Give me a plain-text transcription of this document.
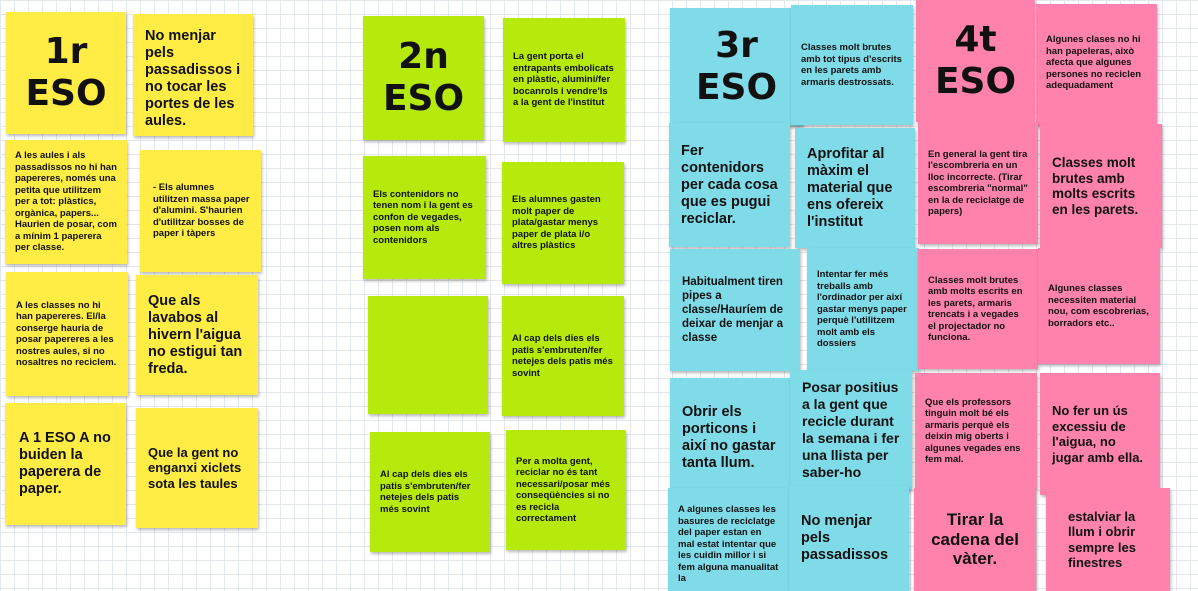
1r
ESO
No menjar pels passadissos i no tocar les portes de les aules.
A les aules i als passadissos no hi han papereres, només una petita que utilitzem per a tot: plàstics, orgànica, papers... Haurien de posar, com a mínim 1 paperera per classe.
- Els alumnes utilitzen massa paper d'alumini. S'haurien d'utilitzar bosses de paper i tàpers
A les classes no hi han papereres. El/la conserge hauria de posar papereres a les nostres aules, si no nosaltres no reciclem.
Que als lavabos al hivern l'aigua no estigui tan freda.
A 1 ESO A no buiden la paperera de paper.
Que la gent no enganxi xiclets sota les taules
2n
ESO
La gent porta el entrapants embolicats en plàstic, alumini/fer bocanrols i vendre'ls a la gent de l'institut
Els contenidors no tenen nom i la gent es confon de vegades, posen nom als contenidors
Els alumnes gasten molt paper de plata/gastar menys paper de plata i/o altres plàstics
Al cap dels dies els patis s'embruten/fer netejes dels patis més sovint
Al cap dels dies els patis s'embruten/fer netejes dels patis més sovint
Per a molta gent, reciclar no és tant necessari/posar més conseqüències si no es recicla correctament
3r
ESO
Classes molt brutes amb tot tipus d'escrits en les parets amb armaris destrossats.
Fer contenidors per cada cosa que es pugui reciclar.
Aprofitar al màxim el material que ens ofereix l'institut
Habitualment tiren pipes a classe/Hauríem de deixar de menjar a classe
Intentar fer més treballs amb l'ordinador per així gastar menys paper perquè l'utilitzem molt amb els dossiers
Obrir els porticons i així no gastar tanta llum.
Posar positius a la gent que recicle durant la semana i fer una llista per saber-ho
A algunes classes les basures de reciclatge del paper estan en mal estat intentar que les cuidin millor i si fem alguna manualitat la
No menjar pels passadissos
4t
ESO
Algunes clases no hi han papeleras, això afecta que algunes persones no reciclen adequadament
En general la gent tira l'escombreria en un lloc incorrecte. (Tirar escombreria "normal" en la de reciclatge de papers)
Classes molt brutes amb molts escrits en les parets.
Classes molt brutes amb molts escrits en les parets, armaris trencats i a vegades el projectador no funciona.
Algunes classes necessiten material nou, com escobrerias, borradors etc..
Que els professors tinguin molt bé els armaris perquè els deixin mig oberts i algunes vegades ens fem mal.
No fer un ús excessiu de l'aigua, no jugar amb ella.
Tirar la cadena del vàter.
estalviar la llum i obrir sempre les finestres
